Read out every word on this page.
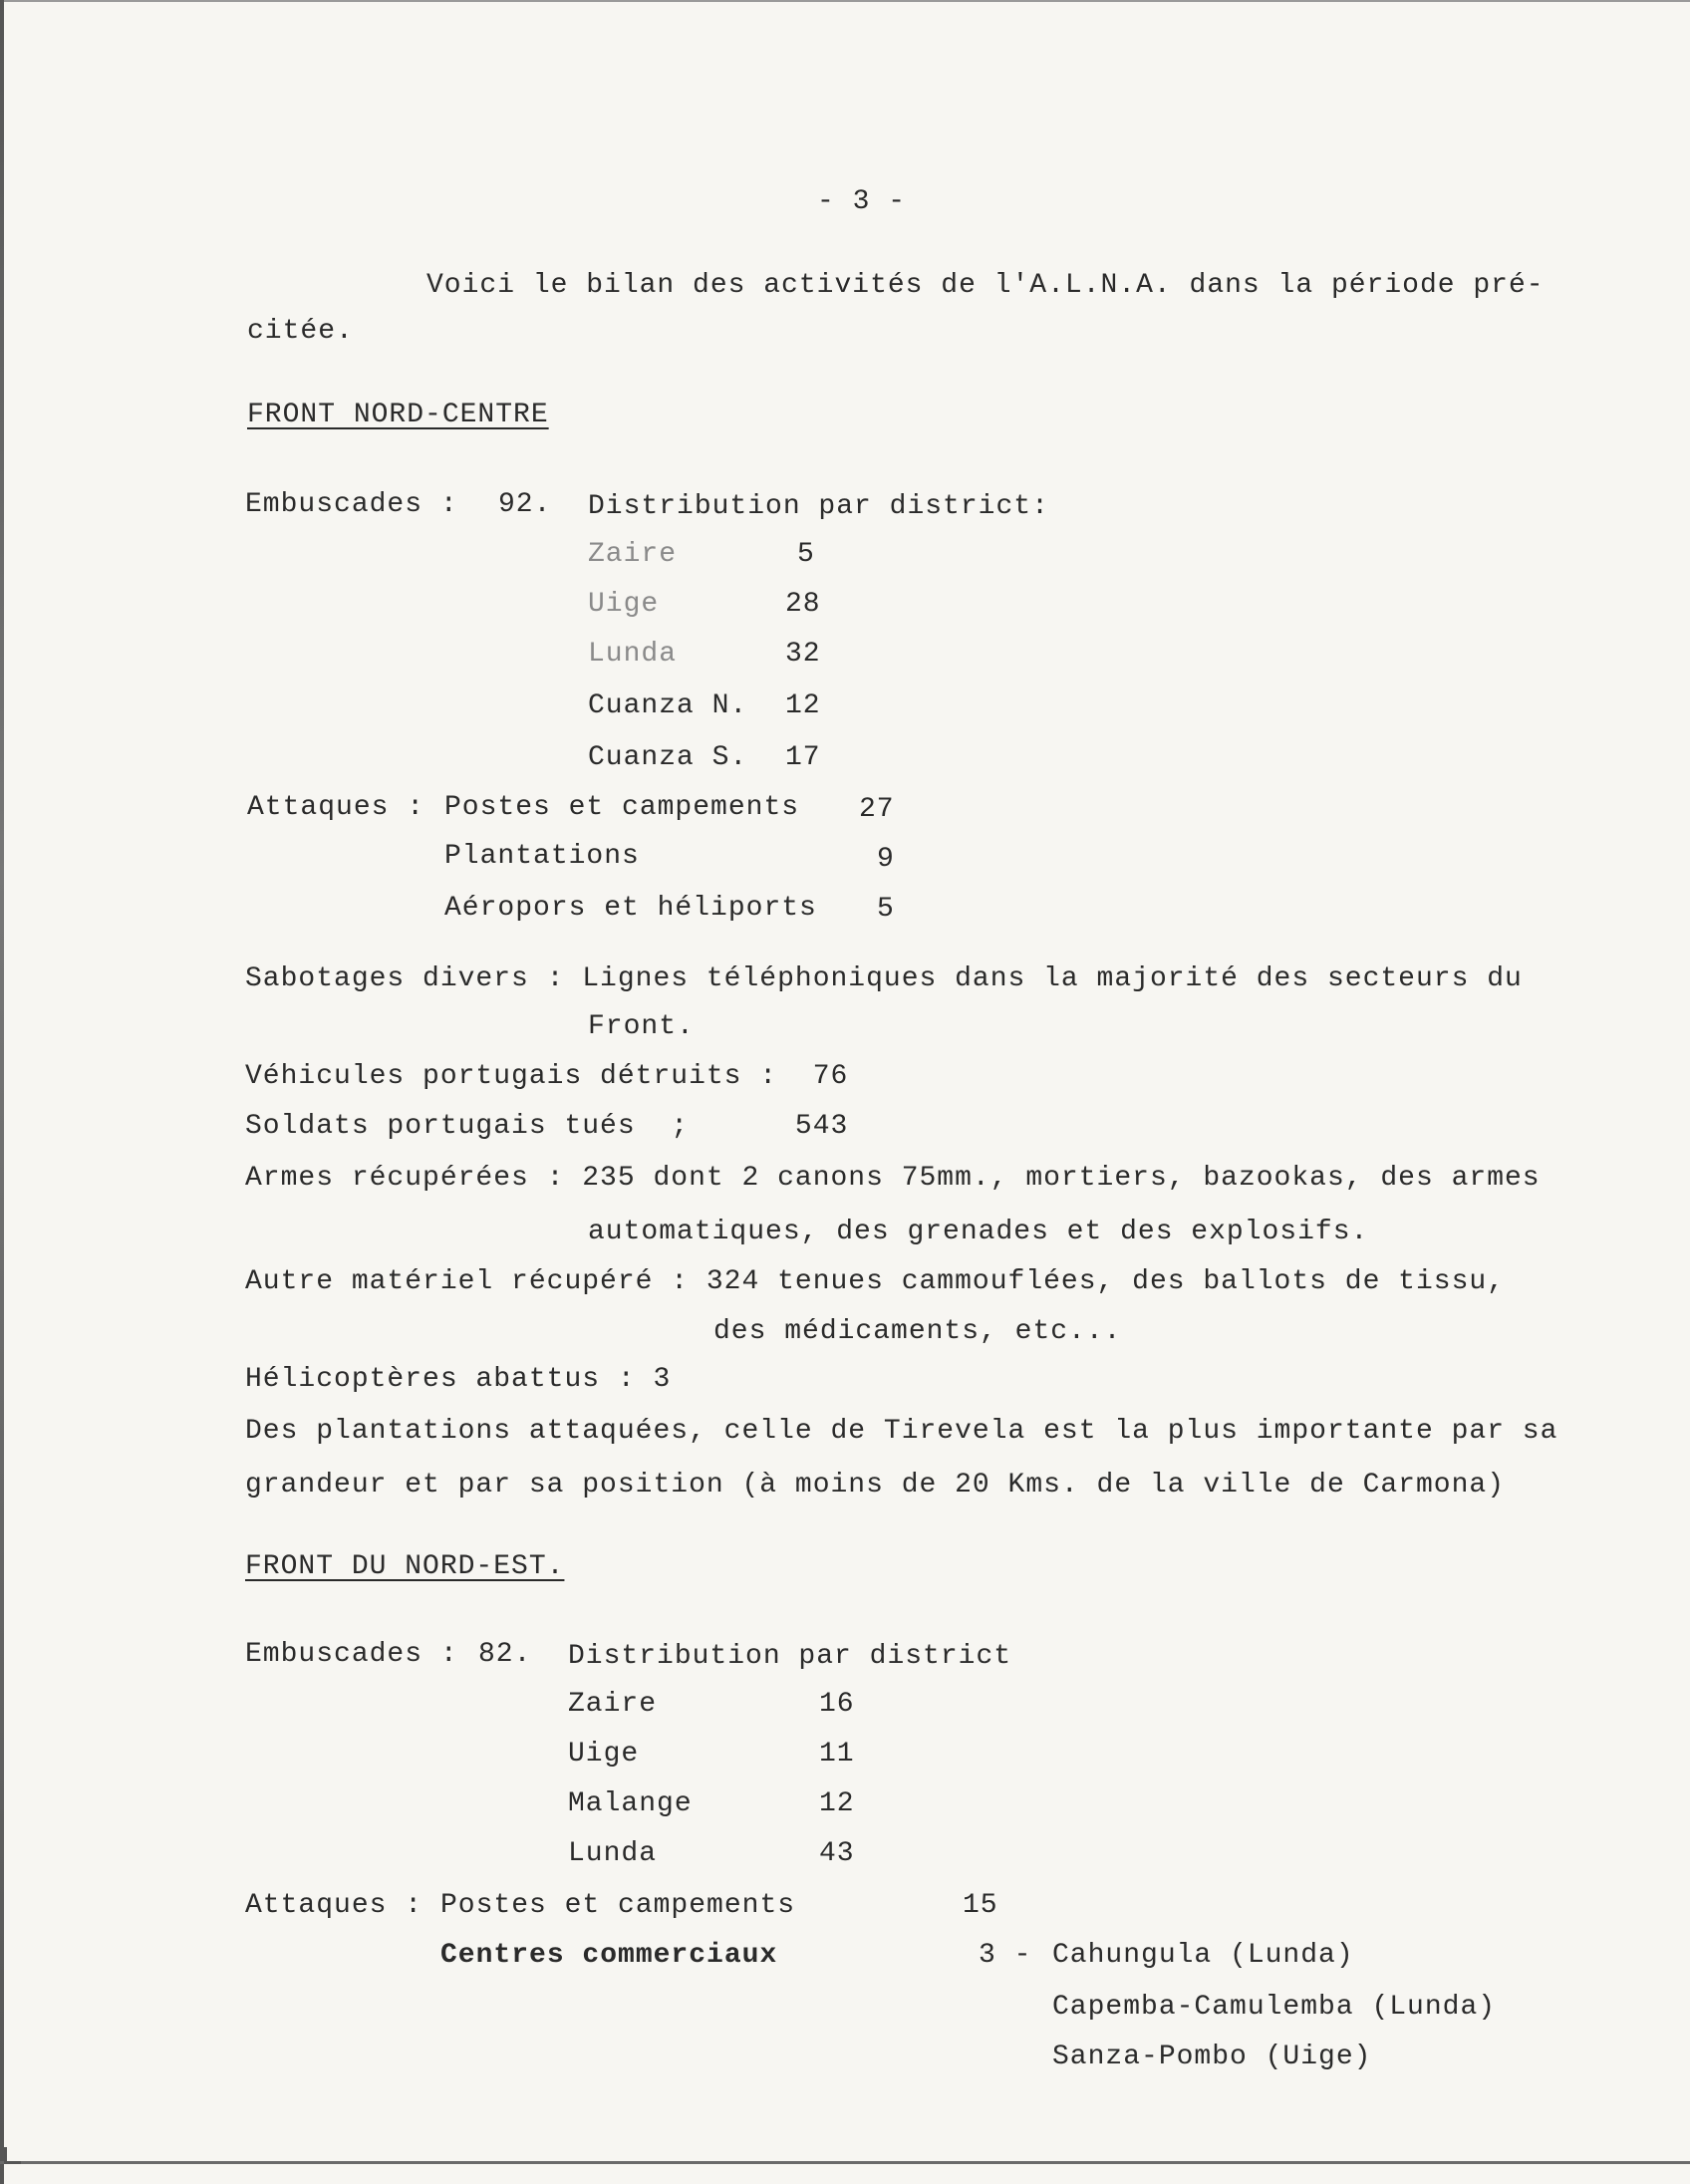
- 3 -
Voici le bilan des activités de l'A.L.N.A. dans la période pré-
citée.
FRONT NORD-CENTRE
Embuscades : 92. Distribution par district:
Zaire	5
Uige	28
Lunda	32
Cuanza N. 12
Cuanza S. 17
Attaques : Postes et campements 27
Plantations	9
Aéropors et héliports 5
Sabotages divers : Lignes téléphoniques dans la majorité des secteurs du
Front.
Véhicules portugais détruits :  76
Soldats portugais tués  ;      543
Armes récupérées : 235 dont 2 canons 75mm., mortiers, bazookas, des armes
automatiques, des grenades et des explosifs.
Autre matériel récupéré : 324 tenues cammouflées, des ballots de tissu,
des médicaments, etc...
Hélicoptères abattus : 3
Des plantations attaquées, celle de Tirevela est la plus importante par sa
grandeur et par sa position (à moins de 20 Kms. de la ville de Carmona)
FRONT DU NORD-EST.
Embuscades : 82. Distribution par district
Zaire	16
Uige	11
Malange	12
Lunda	43
Attaques : Postes et campements	15
Centres commerciaux	3 - Cahungula (Lunda)
Capemba-Camulemba (Lunda)
Sanza-Pombo (Uige)
